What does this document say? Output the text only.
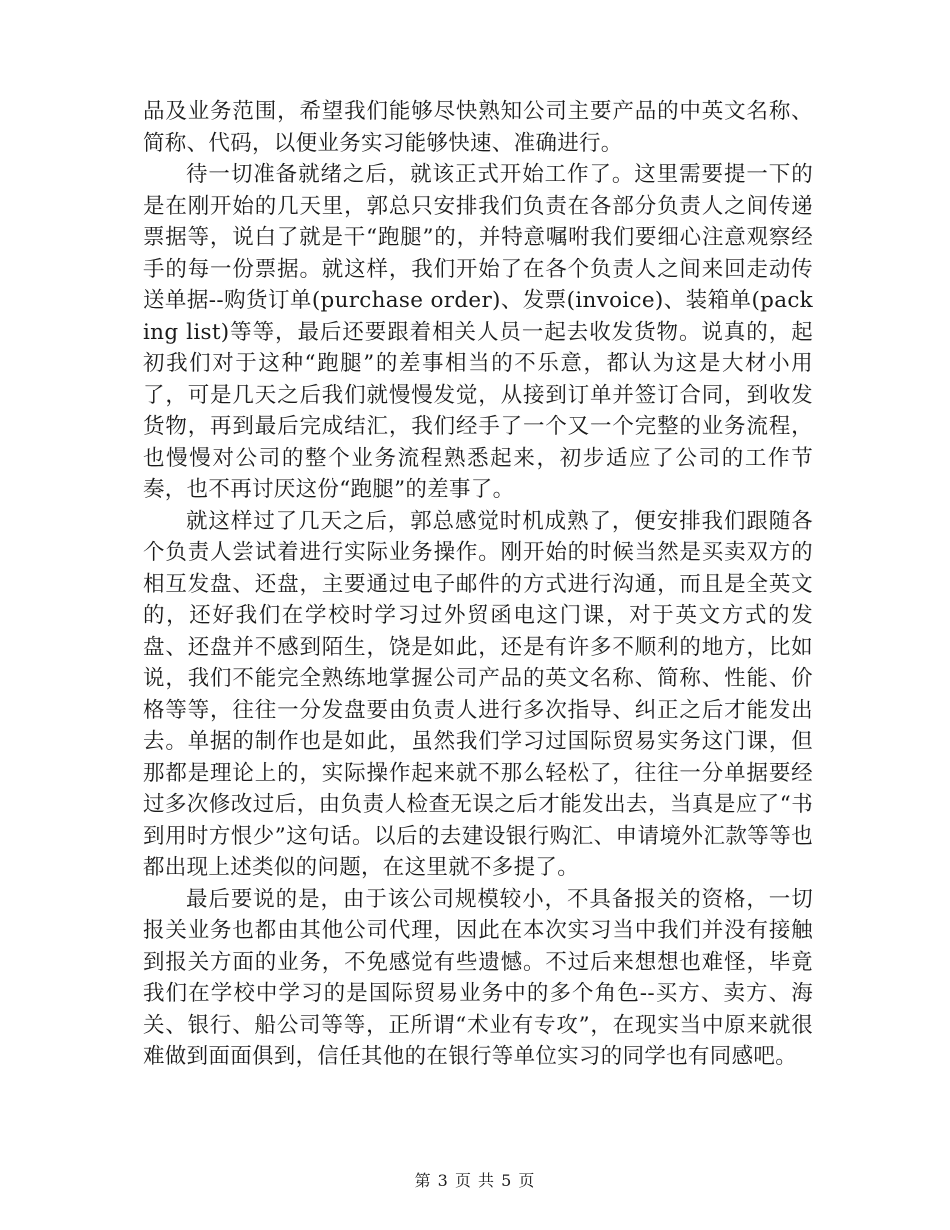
品及业务范围，希望我们能够尽快熟知公司主要产品的中英文名称、简称、代码，以便业务实习能够快速、准确进行。

待一切准备就绪之后，就该正式开始工作了。这里需要提一下的是在刚开始的几天里，郭总只安排我们负责在各部分负责人之间传递票据等，说白了就是干“跑腿”的，并特意嘱咐我们要细心注意观察经手的每一份票据。就这样，我们开始了在各个负责人之间来回走动传送单据--购货订单(purchase order)、发票(invoice)、装箱单(packing list)等等，最后还要跟着相关人员一起去收发货物。说真的，起初我们对于这种“跑腿”的差事相当的不乐意，都认为这是大材小用了，可是几天之后我们就慢慢发觉，从接到订单并签订合同，到收发货物，再到最后完成结汇，我们经手了一个又一个完整的业务流程，也慢慢对公司的整个业务流程熟悉起来，初步适应了公司的工作节奏，也不再讨厌这份“跑腿”的差事了。

就这样过了几天之后，郭总感觉时机成熟了，便安排我们跟随各个负责人尝试着进行实际业务操作。刚开始的时候当然是买卖双方的相互发盘、还盘，主要通过电子邮件的方式进行沟通，而且是全英文的，还好我们在学校时学习过外贸函电这门课，对于英文方式的发盘、还盘并不感到陌生，饶是如此，还是有许多不顺利的地方，比如说，我们不能完全熟练地掌握公司产品的英文名称、简称、性能、价格等等，往往一分发盘要由负责人进行多次指导、纠正之后才能发出去。单据的制作也是如此，虽然我们学习过国际贸易实务这门课，但那都是理论上的，实际操作起来就不那么轻松了，往往一分单据要经过多次修改过后，由负责人检查无误之后才能发出去，当真是应了“书到用时方恨少”这句话。以后的去建设银行购汇、申请境外汇款等等也都出现上述类似的问题，在这里就不多提了。

最后要说的是，由于该公司规模较小，不具备报关的资格，一切报关业务也都由其他公司代理，因此在本次实习当中我们并没有接触到报关方面的业务，不免感觉有些遗憾。不过后来想想也难怪，毕竟我们在学校中学习的是国际贸易业务中的多个角色--买方、卖方、海关、银行、船公司等等，正所谓“术业有专攻”，在现实当中原来就很难做到面面俱到，信任其他的在银行等单位实习的同学也有同感吧。

第 3 页 共 5 页
